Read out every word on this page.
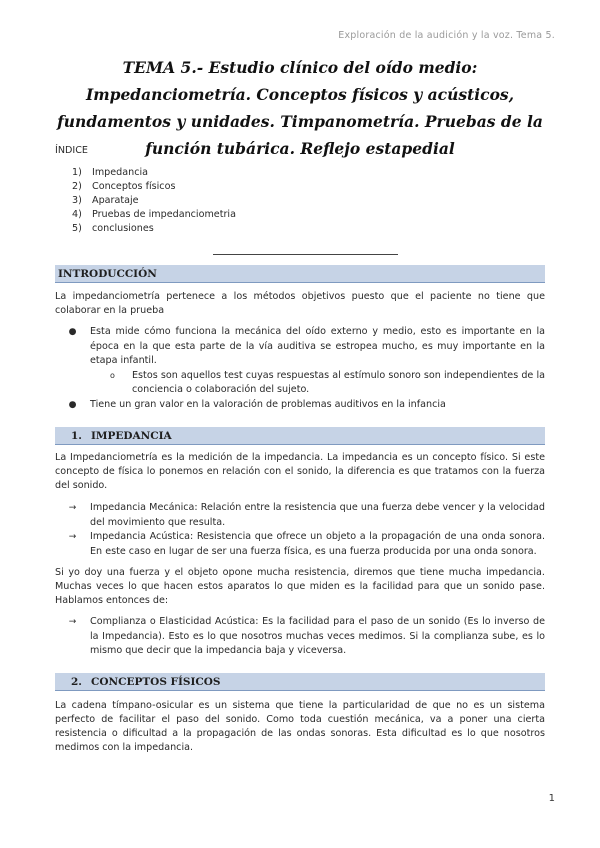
Exploración de la audición y la voz. Tema 5.
TEMA 5.- Estudio clínico del oído medio: Impedanciometría. Conceptos físicos y acústicos, fundamentos y unidades. Timpanometría. Pruebas de la función tubárica. Reflejo estapedial
ÍNDICE
1)	Impedancia
2)	Conceptos físicos
3)	Aparataje
4)	Pruebas de impedanciometria
5)	conclusiones
INTRODUCCIÓN

La impedanciometría pertenece a los métodos objetivos puesto que el paciente no tiene que colaborar en la prueba

●	Esta mide cómo funciona la mecánica del oído externo y medio, esto es importante en la época en la que esta parte de la vía auditiva se estropea mucho, es muy importante en la etapa infantil.
o	Estos son aquellos test cuyas respuestas al estímulo sonoro son independientes de la conciencia o colaboración del sujeto.
●	Tiene un gran valor en la valoración de problemas auditivos en la infancia
1. IMPEDANCIA

La Impedanciometría es la medición de la impedancia. La impedancia es un concepto físico. Si este concepto de física lo ponemos en relación con el sonido, la diferencia es que tratamos con la fuerza del sonido.

→	Impedancia Mecánica: Relación entre la resistencia que una fuerza debe vencer y la velocidad del movimiento que resulta.
→	Impedancia Acústica: Resistencia que ofrece un objeto a la propagación de una onda sonora. En este caso en lugar de ser una fuerza física, es una fuerza producida por una onda sonora.

Si yo doy una fuerza y el objeto opone mucha resistencia, diremos que tiene mucha impedancia. Muchas veces lo que hacen estos aparatos lo que miden es la facilidad para que un sonido pase. Hablamos entonces de:

→	Complianza o Elasticidad Acústica: Es la facilidad para el paso de un sonido (Es lo inverso de la Impedancia). Esto es lo que nosotros muchas veces medimos. Si la complianza sube, es lo mismo que decir que la impedancia baja y viceversa.
2. CONCEPTOS FÍSICOS

La cadena tímpano-osicular es un sistema que tiene la particularidad de que no es un sistema perfecto de facilitar el paso del sonido. Como toda cuestión mecánica, va a poner una cierta resistencia o dificultad a la propagación de las ondas sonoras. Esta dificultad es lo que nosotros medimos con la impedancia.

1
